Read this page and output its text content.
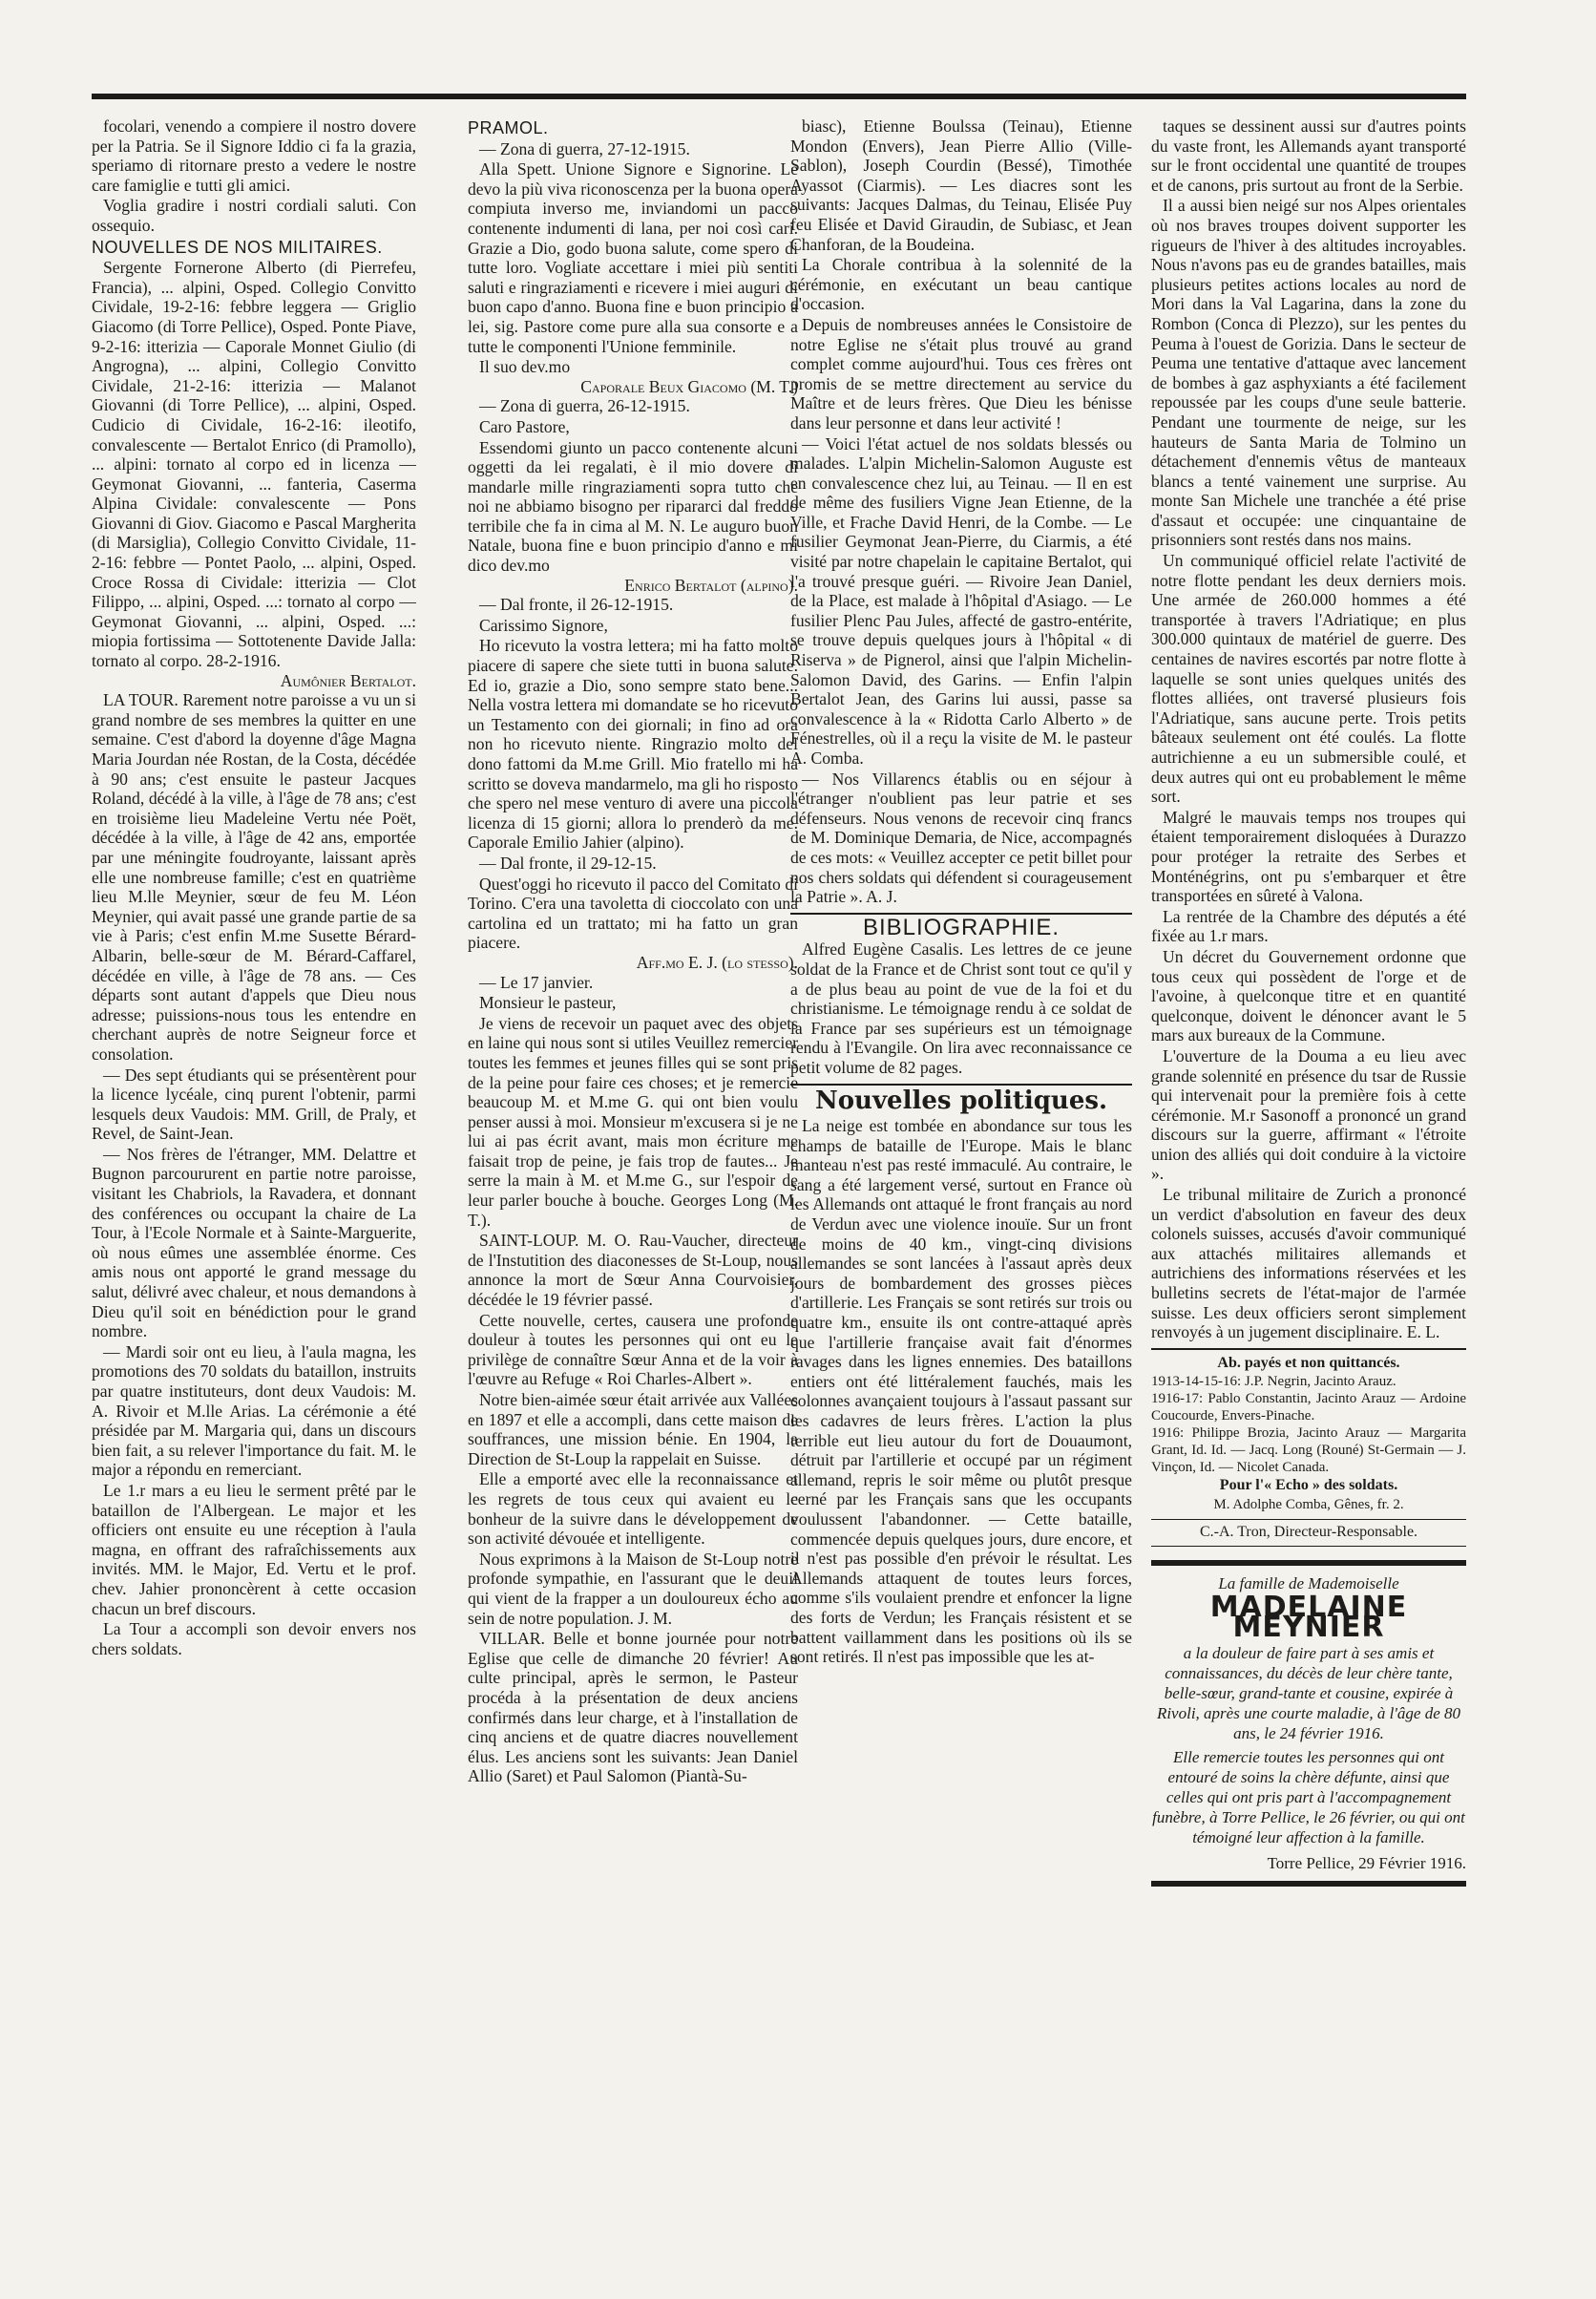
focolari, venendo a compiere il nostro dovere per la Patria. Se il Signore Iddio ci fa la grazia, speriamo di ritornare presto a vedere le nostre care famiglie e tutti gli amici.

Voglia gradire i nostri cordiali saluti. Con ossequio.

NOUVELLES DE NOS MILITAIRES.

Sergente Fornerone Alberto (di Pierrefeu, Francia), ... alpini, Osped. Collegio Convitto Cividale, 19-2-16: febbre leggera — Griglio Giacomo (di Torre Pellice), Osped. Ponte Piave, 9-2-16: itterizia — Caporale Monnet Giulio (di Angrogna), ... alpini, Collegio Convitto Cividale, 21-2-16: itterizia — Malanot Giovanni (di Torre Pellice), ... alpini, Osped. Cudicio di Cividale, 16-2-16: ileotifo, convalescente — Bertalot Enrico (di Pramollo), ... alpini: tornato al corpo ed in licenza — Geymonat Giovanni, ... fanteria, Caserma Alpina Cividale: convalescente — Pons Giovanni di Giov. Giacomo e Pascal Margherita (di Marsiglia), Collegio Convitto Cividale, 11-2-16: febbre — Pontet Paolo, ... alpini, Osped. Croce Rossa di Cividale: itterizia — Clot Filippo, ... alpini, Osped. ...: tornato al corpo — Geymonat Giovanni, ... alpini, Osped. ...: miopia fortissima — Sottotenente Davide Jalla: tornato al corpo. 28-2-1916.

Aumônier Bertalot.

LA TOUR. Rarement notre paroisse a vu un si grand nombre de ses membres la quitter en une semaine. C'est d'abord la doyenne d'âge Magna Maria Jourdan née Rostan, de la Costa, décédée à 90 ans; c'est ensuite le pasteur Jacques Roland, décédé à la ville, à l'âge de 78 ans; c'est en troisième lieu Madeleine Vertu née Poët, décédée à la ville, à l'âge de 42 ans, emportée par une méningite foudroyante, laissant après elle une nombreuse famille; c'est en quatrième lieu M.lle Meynier, sœur de feu M. Léon Meynier, qui avait passé une grande partie de sa vie à Paris; c'est enfin M.me Susette Bérard-Albarin, belle-sœur de M. Bérard-Caffarel, décédée en ville, à l'âge de 78 ans. — Ces départs sont autant d'appels que Dieu nous adresse; puissions-nous tous les entendre en cherchant auprès de notre Seigneur force et consolation.

— Des sept étudiants qui se présentèrent pour la licence lycéale, cinq purent l'obtenir, parmi lesquels deux Vaudois: MM. Grill, de Praly, et Revel, de Saint-Jean.

— Nos frères de l'étranger, MM. Delattre et Bugnon parcoururent en partie notre paroisse, visitant les Chabriols, la Ravadera, et donnant des conférences ou occupant la chaire de La Tour, à l'Ecole Normale et à Sainte-Marguerite, où nous eûmes une assemblée énorme. Ces amis nous ont apporté le grand message du salut, délivré avec chaleur, et nous demandons à Dieu qu'il soit en bénédiction pour le grand nombre.

— Mardi soir ont eu lieu, à l'aula magna, les promotions des 70 soldats du bataillon, instruits par quatre instituteurs, dont deux Vaudois: M. A. Rivoir et M.lle Arias. La cérémonie a été présidée par M. Margaria qui, dans un discours bien fait, a su relever l'importance du fait. M. le major a répondu en remerciant.

Le 1.r mars a eu lieu le serment prêté par le bataillon de l'Albergean. Le major et les officiers ont ensuite eu une réception à l'aula magna, en offrant des rafraîchissements aux invités. MM. le Major, Ed. Vertu et le prof. chev. Jahier prononcèrent à cette occasion chacun un bref discours.

La Tour a accompli son devoir envers nos chers soldats.

PRAMOL.

— Zona di guerra, 27-12-1915.

Alla Spett. Unione Signore e Signorine. Le devo la più viva riconoscenza per la buona opera compiuta inverso me, inviandomi un pacco contenente indumenti di lana, per noi così cari. Grazie a Dio, godo buona salute, come spero di tutte loro. Vogliate accettare i miei più sentiti saluti e ringraziamenti e ricevere i miei auguri di buon capo d'anno. Buona fine e buon principio a lei, sig. Pastore come pure alla sua consorte e a tutte le componenti l'Unione femminile.

Il suo dev.mo

Caporale Beux Giacomo (M. T.)

— Zona di guerra, 26-12-1915.

Caro Pastore,

Essendomi giunto un pacco contenente alcuni oggetti da lei regalati, è il mio dovere di mandarle mille ringraziamenti sopra tutto che noi ne abbiamo bisogno per ripararci dal freddo terribile che fa in cima al M. N. Le auguro buon Natale, buona fine e buon principio d'anno e mi dico dev.mo

Enrico Bertalot (alpino).

— Dal fronte, il 26-12-1915.

Carissimo Signore,

Ho ricevuto la vostra lettera; mi ha fatto molto piacere di sapere che siete tutti in buona salute. Ed io, grazie a Dio, sono sempre stato bene... Nella vostra lettera mi domandate se ho ricevuto un Testamento con dei giornali; in fino ad ora non ho ricevuto niente. Ringrazio molto del dono fattomi da M.me Grill. Mio fratello mi ha scritto se doveva mandarmelo, ma gli ho risposto che spero nel mese venturo di avere una piccola licenza di 15 giorni; allora lo prenderò da me. Caporale Emilio Jahier (alpino).

— Dal fronte, il 29-12-15.

Quest'oggi ho ricevuto il pacco del Comitato di Torino. C'era una tavoletta di cioccolato con una cartolina ed un trattato; mi ha fatto un gran piacere.

Aff.mo E. J. (lo stesso).

— Le 17 janvier.

Monsieur le pasteur,

Je viens de recevoir un paquet avec des objets en laine qui nous sont si utiles Veuillez remercier toutes les femmes et jeunes filles qui se sont pris de la peine pour faire ces choses; et je remercie beaucoup M. et M.me G. qui ont bien voulu penser aussi à moi. Monsieur m'excusera si je ne lui ai pas écrit avant, mais mon écriture me faisait trop de peine, je fais trop de fautes... Je serre la main à M. et M.me G., sur l'espoir de leur parler bouche à bouche. Georges Long (M. T.).

SAINT-LOUP. M. O. Rau-Vaucher, directeur de l'Instutition des diaconesses de St-Loup, nous annonce la mort de Sœur Anna Courvoisier, décédée le 19 février passé.

Cette nouvelle, certes, causera une profonde douleur à toutes les personnes qui ont eu le privilège de connaître Sœur Anna et de la voir à l'œuvre au Refuge « Roi Charles-Albert ».

Notre bien-aimée sœur était arrivée aux Vallées en 1897 et elle a accompli, dans cette maison de souffrances, une mission bénie. En 1904, la Direction de St-Loup la rappelait en Suisse.

Elle a emporté avec elle la reconnaissance et les regrets de tous ceux qui avaient eu le bonheur de la suivre dans le développement de son activité dévouée et intelligente.

Nous exprimons à la Maison de St-Loup notre profonde sympathie, en l'assurant que le deuil qui vient de la frapper a un douloureux écho au sein de notre population. J. M.

VILLAR. Belle et bonne journée pour notre Eglise que celle de dimanche 20 février! Au culte principal, après le sermon, le Pasteur procéda à la présentation de deux anciens confirmés dans leur charge, et à l'installation de cinq anciens et de quatre diacres nouvellement élus. Les anciens sont les suivants: Jean Daniel Allio (Saret) et Paul Salomon (Piantà-Su-

biasc), Etienne Boulssa (Teinau), Etienne Mondon (Envers), Jean Pierre Allio (Ville-Sablon), Joseph Courdin (Bessé), Timothée Ayassot (Ciarmis). — Les diacres sont les suivants: Jacques Dalmas, du Teinau, Elisée Puy feu Elisée et David Giraudin, de Subiasc, et Jean Chanforan, de la Boudeina.

La Chorale contribua à la solennité de la cérémonie, en exécutant un beau cantique d'occasion.

Depuis de nombreuses années le Consistoire de notre Eglise ne s'était plus trouvé au grand complet comme aujourd'hui. Tous ces frères ont promis de se mettre directement au service du Maître et de leurs frères. Que Dieu les bénisse dans leur personne et dans leur activité !

— Voici l'état actuel de nos soldats blessés ou malades. L'alpin Michelin-Salomon Auguste est en convalescence chez lui, au Teinau. — Il en est de même des fusiliers Vigne Jean Etienne, de la Ville, et Frache David Henri, de la Combe. — Le fusilier Geymonat Jean-Pierre, du Ciarmis, a été visité par notre chapelain le capitaine Bertalot, qui l'a trouvé presque guéri. — Rivoire Jean Daniel, de la Place, est malade à l'hôpital d'Asiago. — Le fusilier Plenc Pau Jules, affecté de gastro-entérite, se trouve depuis quelques jours à l'hôpital « di Riserva » de Pignerol, ainsi que l'alpin Michelin-Salomon David, des Garins. — Enfin l'alpin Bertalot Jean, des Garins lui aussi, passe sa convalescence à la « Ridotta Carlo Alberto » de Fénestrelles, où il a reçu la visite de M. le pasteur A. Comba.

— Nos Villarencs établis ou en séjour à l'étranger n'oublient pas leur patrie et ses défenseurs. Nous venons de recevoir cinq francs de M. Dominique Demaria, de Nice, accompagnés de ces mots: « Veuillez accepter ce petit billet pour nos chers soldats qui défendent si courageusement la Patrie ». A. J.

BIBLIOGRAPHIE.

Alfred Eugène Casalis. Les lettres de ce jeune soldat de la France et de Christ sont tout ce qu'il y a de plus beau au point de vue de la foi et du christianisme. Le témoignage rendu à ce soldat de la France par ses supérieurs est un témoignage rendu à l'Evangile. On lira avec reconnaissance ce petit volume de 82 pages.

Nouvelles politiques.

La neige est tombée en abondance sur tous les champs de bataille de l'Europe. Mais le blanc manteau n'est pas resté immaculé. Au contraire, le sang a été largement versé, surtout en France où les Allemands ont attaqué le front français au nord de Verdun avec une violence inouïe. Sur un front de moins de 40 km., vingt-cinq divisions allemandes se sont lancées à l'assaut après deux jours de bombardement des grosses pièces d'artillerie. Les Français se sont retirés sur trois ou quatre km., ensuite ils ont contre-attaqué après que l'artillerie française avait fait d'énormes ravages dans les lignes ennemies. Des bataillons entiers ont été littéralement fauchés, mais les colonnes avançaient toujours à l'assaut passant sur les cadavres de leurs frères. L'action la plus terrible eut lieu autour du fort de Douaumont, détruit par l'artillerie et occupé par un régiment allemand, repris le soir même ou plutôt presque cerné par les Français sans que les occupants voulussent l'abandonner. — Cette bataille, commencée depuis quelques jours, dure encore, et il n'est pas possible d'en prévoir le résultat. Les Allemands attaquent de toutes leurs forces, comme s'ils voulaient prendre et enfoncer la ligne des forts de Verdun; les Français résistent et se battent vaillamment dans les positions où ils se sont retirés. Il n'est pas impossible que les at-

taques se dessinent aussi sur d'autres points du vaste front, les Allemands ayant transporté sur le front occidental une quantité de troupes et de canons, pris surtout au front de la Serbie.

Il a aussi bien neigé sur nos Alpes orientales où nos braves troupes doivent supporter les rigueurs de l'hiver à des altitudes incroyables. Nous n'avons pas eu de grandes batailles, mais plusieurs petites actions locales au nord de Mori dans la Val Lagarina, dans la zone du Rombon (Conca di Plezzo), sur les pentes du Peuma à l'ouest de Gorizia. Dans le secteur de Peuma une tentative d'attaque avec lancement de bombes à gaz asphyxiants a été facilement repoussée par les coups d'une seule batterie. Pendant une tourmente de neige, sur les hauteurs de Santa Maria de Tolmino un détachement d'ennemis vêtus de manteaux blancs a tenté vainement une surprise. Au monte San Michele une tranchée a été prise d'assaut et occupée: une cinquantaine de prisonniers sont restés dans nos mains.

Un communiqué officiel relate l'activité de notre flotte pendant les deux derniers mois. Une armée de 260.000 hommes a été transportée à travers l'Adriatique; en plus 300.000 quintaux de matériel de guerre. Des centaines de navires escortés par notre flotte à laquelle se sont unies quelques unités des flottes alliées, ont traversé plusieurs fois l'Adriatique, sans aucune perte. Trois petits bâteaux seulement ont été coulés. La flotte autrichienne a eu un submersible coulé, et deux autres qui ont eu probablement le même sort.

Malgré le mauvais temps nos troupes qui étaient temporairement disloquées à Durazzo pour protéger la retraite des Serbes et Monténégrins, ont pu s'embarquer et être transportées en sûreté à Valona.

La rentrée de la Chambre des députés a été fixée au 1.r mars.

Un décret du Gouvernement ordonne que tous ceux qui possèdent de l'orge et de l'avoine, à quelconque titre et en quantité quelconque, doivent le dénoncer avant le 5 mars aux bureaux de la Commune.

L'ouverture de la Douma a eu lieu avec grande solennité en présence du tsar de Russie qui intervenait pour la première fois à cette cérémonie. M.r Sasonoff a prononcé un grand discours sur la guerre, affirmant « l'étroite union des alliés qui doit conduire à la victoire ».

Le tribunal militaire de Zurich a prononcé un verdict d'absolution en faveur des deux colonels suisses, accusés d'avoir communiqué aux attachés militaires allemands et autrichiens des informations réservées et les bulletins secrets de l'état-major de l'armée suisse. Les deux officiers seront simplement renvoyés à un jugement disciplinaire. E. L.

Ab. payés et non quittancés.
1913-14-15-16: J.P. Negrin, Jacinto Arauz.
1916-17: Pablo Constantin, Jacinto Arauz — Ardoine Coucourde, Envers-Pinache.
1916: Philippe Brozia, Jacinto Arauz — Margarita Grant, Id. Id. — Jacq. Long (Rouné) St-Germain — J. Vinçon, Id. — Nicolet Canada.
Pour l'« Echo » des soldats.
M. Adolphe Comba, Gênes, fr. 2.
C.-A. Tron, Directeur-Responsable.
La famille de Mademoiselle
MADELAINE MEYNIER
a la douleur de faire part à ses amis et connaissances, du décès de leur chère tante, belle-sœur, grand-tante et cousine, expirée à Rivoli, après une courte maladie, à l'âge de 80 ans, le 24 février 1916.
Elle remercie toutes les personnes qui ont entouré de soins la chère défunte, ainsi que celles qui ont pris part à l'accompagnement funèbre, à Torre Pellice, le 26 février, ou qui ont témoigné leur affection à la famille.
Torre Pellice, 29 Février 1916.
